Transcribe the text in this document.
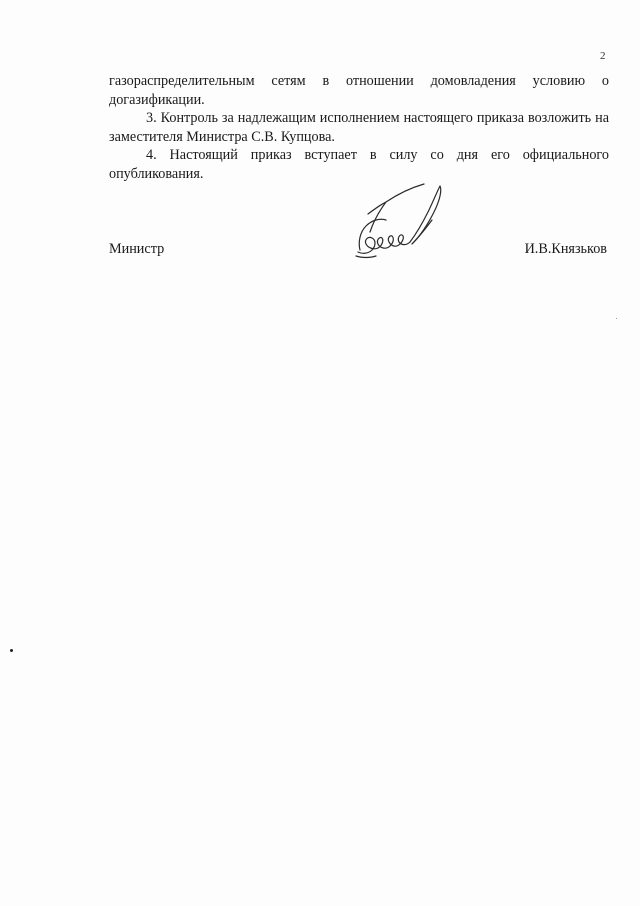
2

газораспределительным сетям в отношении домовладения условию о догазификации.

3. Контроль за надлежащим исполнением настоящего приказа возложить на заместителя Министра С.В. Купцова.

4. Настоящий приказ вступает в силу со дня его официального опубликования.

Министр	И.В.Князьков
